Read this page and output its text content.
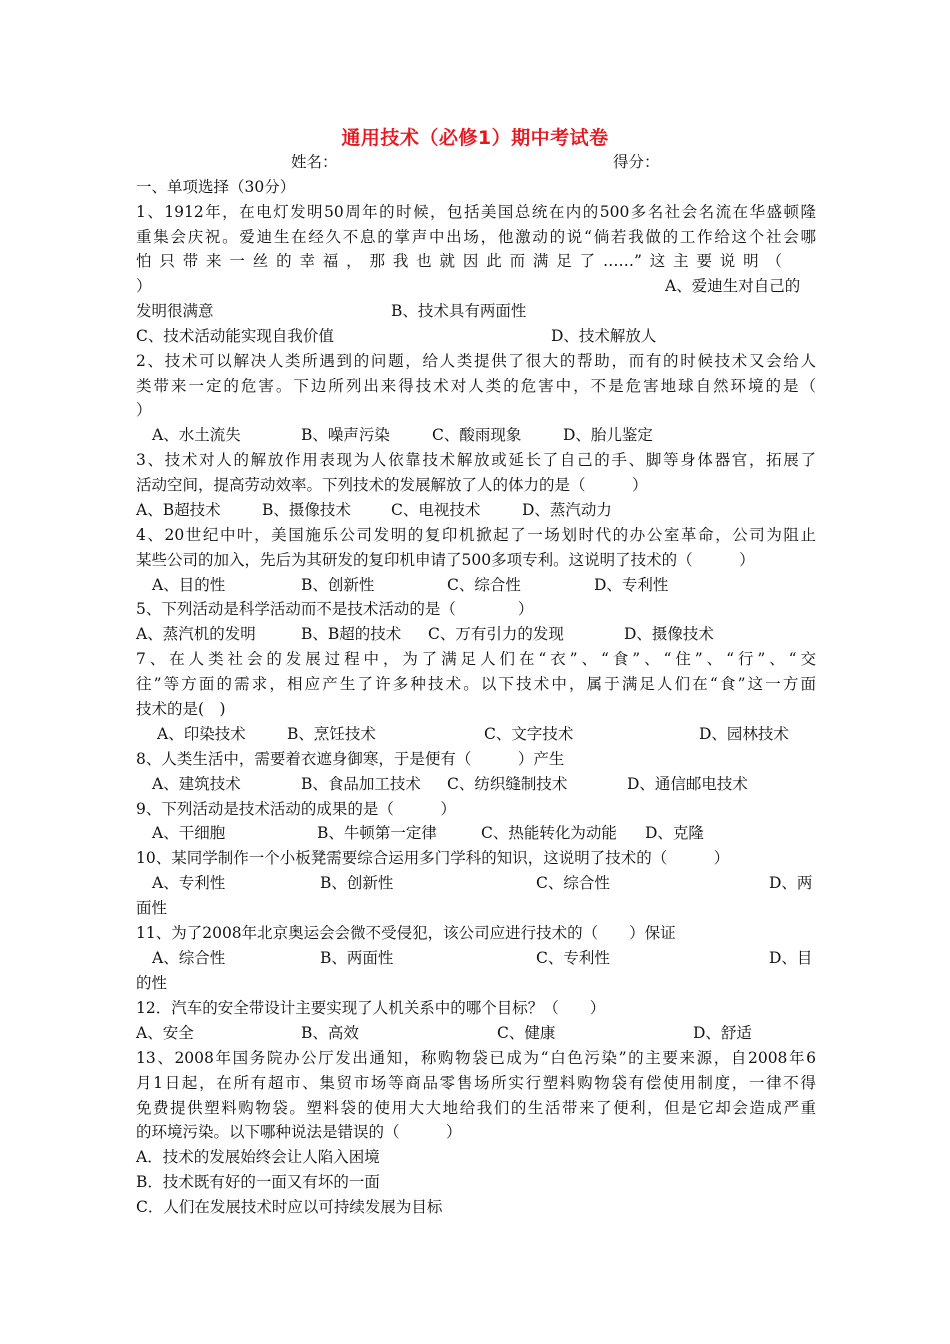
通用技术（必修1）期中考试卷
姓名：	得分：
一、单项选择（30分）
1、1912年，在电灯发明50周年的时候，包括美国总统在内的500多名社会名流在华盛顿隆
重集会庆祝。爱迪生在经久不息的掌声中出场，他激动的说“倘若我做的工作给这个社会哪
怕只带来一丝的幸福，那我也就因此而满足了……”这主要说明（
）	A、爱迪生对自己的
发明很满意	B、技术具有两面性
C、技术活动能实现自我价值	D、技术解放人
2、技术可以解决人类所遇到的问题，给人类提供了很大的帮助，而有的时候技术又会给人
类带来一定的危害。下边所列出来得技术对人类的危害中，不是危害地球自然环境的是（
）
A、水土流失	B、噪声污染	C、酸雨现象	D、胎儿鉴定
3、技术对人的解放作用表现为人依靠技术解放或延长了自己的手、脚等身体器官，拓展了
活动空间，提高劳动效率。下列技术的发展解放了人的体力的是（　　　）
A、B超技术	B、摄像技术	C、电视技术	D、蒸汽动力
4、20世纪中叶，美国施乐公司发明的复印机掀起了一场划时代的办公室革命，公司为阻止
某些公司的加入，先后为其研发的复印机申请了500多项专利。这说明了技术的（　　　）
A、目的性	B、创新性	C、综合性	D、专利性
5、下列活动是科学活动而不是技术活动的是（　　　　）
A、蒸汽机的发明	B、B超的技术 C、万有引力的发现	D、摄像技术
7、在人类社会的发展过程中，为了满足人们在“衣”、“食”、“住”、“行”、“交
往”等方面的需求，相应产生了许多种技术。以下技术中，属于满足人们在“食”这一方面
技术的是(　)
A、印染技术	B、烹饪技术	C、文字技术	D、园林技术
8、人类生活中，需要着衣遮身御寒，于是便有（　　　）产生
A、建筑技术	B、食品加工技术 C、纺织缝制技术	D、通信邮电技术
9、下列活动是技术活动的成果的是（　　　）
A、干细胞	B、牛顿第一定律	C、热能转化为动能 D、克隆
10、某同学制作一个小板凳需要综合运用多门学科的知识，这说明了技术的（　　　）
A、专利性	B、创新性	C、综合性	D、两
面性
11、为了2008年北京奥运会会微不受侵犯，该公司应进行技术的（　　）保证
A、综合性	B、两面性	C、专利性	D、目
的性
12．汽车的安全带设计主要实现了人机关系中的哪个目标？（　　）
A、安全	B、高效	C、健康	D、舒适
13、2008年国务院办公厅发出通知，称购物袋已成为“白色污染”的主要来源，自2008年6
月1日起，在所有超市、集贸市场等商品零售场所实行塑料购物袋有偿使用制度，一律不得
免费提供塑料购物袋。塑料袋的使用大大地给我们的生活带来了便利，但是它却会造成严重
的环境污染。以下哪种说法是错误的（　　　）
A．技术的发展始终会让人陷入困境
B．技术既有好的一面又有坏的一面
C．人们在发展技术时应以可持续发展为目标
